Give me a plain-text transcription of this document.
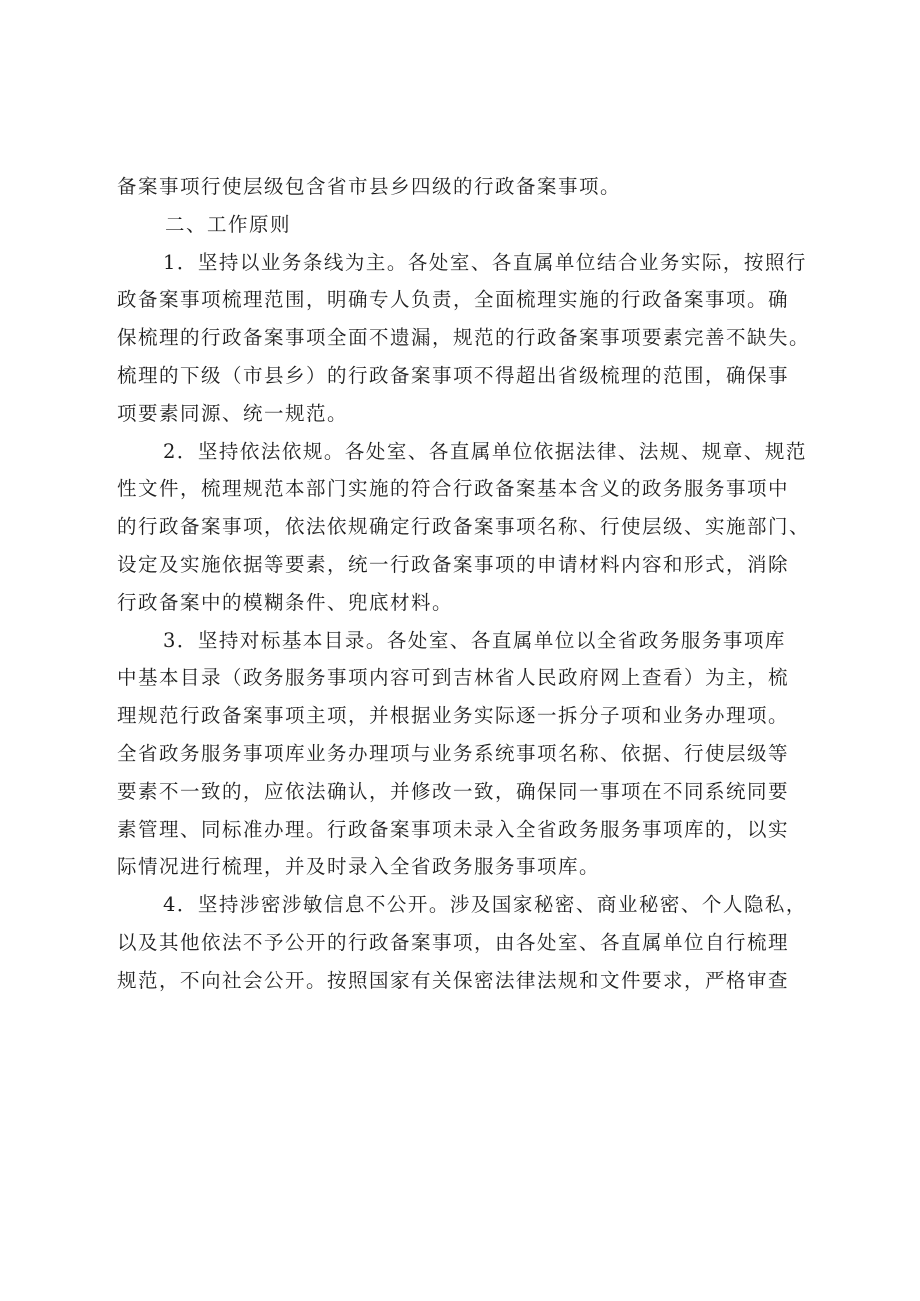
备案事项行使层级包含省市县乡四级的行政备案事项。
二、工作原则
1．坚持以业务条线为主。各处室、各直属单位结合业务实际，按照行
政备案事项梳理范围，明确专人负责，全面梳理实施的行政备案事项。确
保梳理的行政备案事项全面不遗漏，规范的行政备案事项要素完善不缺失。
梳理的下级（市县乡）的行政备案事项不得超出省级梳理的范围，确保事
项要素同源、统一规范。
2．坚持依法依规。各处室、各直属单位依据法律、法规、规章、规范
性文件，梳理规范本部门实施的符合行政备案基本含义的政务服务事项中
的行政备案事项，依法依规确定行政备案事项名称、行使层级、实施部门、
设定及实施依据等要素，统一行政备案事项的申请材料内容和形式，消除
行政备案中的模糊条件、兜底材料。
3．坚持对标基本目录。各处室、各直属单位以全省政务服务事项库
中基本目录（政务服务事项内容可到吉林省人民政府网上查看）为主，梳
理规范行政备案事项主项，并根据业务实际逐一拆分子项和业务办理项。
全省政务服务事项库业务办理项与业务系统事项名称、依据、行使层级等
要素不一致的，应依法确认，并修改一致，确保同一事项在不同系统同要
素管理、同标准办理。行政备案事项未录入全省政务服务事项库的，以实
际情况进行梳理，并及时录入全省政务服务事项库。
4．坚持涉密涉敏信息不公开。涉及国家秘密、商业秘密、个人隐私，
以及其他依法不予公开的行政备案事项，由各处室、各直属单位自行梳理
规范，不向社会公开。按照国家有关保密法律法规和文件要求，严格审查
